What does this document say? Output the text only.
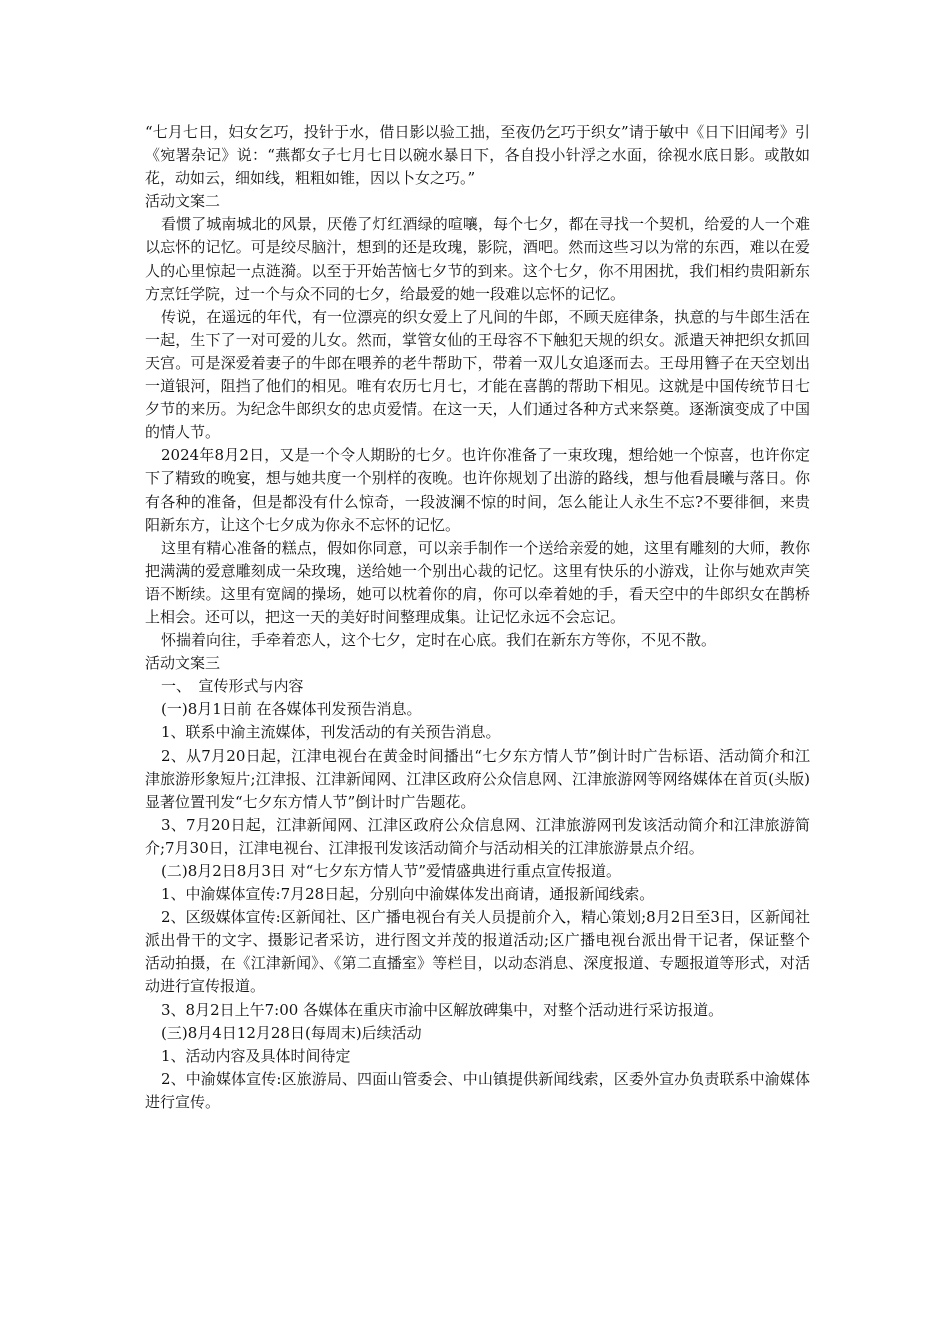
“七月七日，妇女乞巧，投针于水，借日影以验工拙，至夜仍乞巧于织女”请于敏中《日下旧闻考》引《宛署杂记》说：“燕都女子七月七日以碗水暴日下，各自投小针浮之水面，徐视水底日影。或散如花，动如云，细如线，粗粗如锥，因以卜女之巧。”

活动文案二

看惯了城南城北的风景，厌倦了灯红酒绿的喧嚷，每个七夕，都在寻找一个契机，给爱的人一个难以忘怀的记忆。可是绞尽脑汁，想到的还是玫瑰，影院，酒吧。然而这些习以为常的东西，难以在爱人的心里惊起一点涟漪。以至于开始苦恼七夕节的到来。这个七夕，你不用困扰，我们相约贵阳新东方烹饪学院，过一个与众不同的七夕，给最爱的她一段难以忘怀的记忆。

传说，在遥远的年代，有一位漂亮的织女爱上了凡间的牛郎，不顾天庭律条，执意的与牛郎生活在一起，生下了一对可爱的儿女。然而，掌管女仙的王母容不下触犯天规的织女。派遣天神把织女抓回天宫。可是深爱着妻子的牛郎在喂养的老牛帮助下，带着一双儿女追逐而去。王母用簪子在天空划出一道银河，阻挡了他们的相见。唯有农历七月七，才能在喜鹊的帮助下相见。这就是中国传统节日七夕节的来历。为纪念牛郎织女的忠贞爱情。在这一天，人们通过各种方式来祭奠。逐渐演变成了中国的情人节。

2024年8月2日，又是一个令人期盼的七夕。也许你准备了一束玫瑰，想给她一个惊喜，也许你定下了精致的晚宴，想与她共度一个别样的夜晚。也许你规划了出游的路线，想与他看晨曦与落日。你有各种的准备，但是都没有什么惊奇，一段波澜不惊的时间，怎么能让人永生不忘?不要徘徊，来贵阳新东方，让这个七夕成为你永不忘怀的记忆。

这里有精心准备的糕点，假如你同意，可以亲手制作一个送给亲爱的她，这里有雕刻的大师，教你把满满的爱意雕刻成一朵玫瑰，送给她一个别出心裁的记忆。这里有快乐的小游戏，让你与她欢声笑语不断续。这里有宽阔的操场，她可以枕着你的肩，你可以牵着她的手，看天空中的牛郎织女在鹊桥上相会。还可以，把这一天的美好时间整理成集。让记忆永远不会忘记。

怀揣着向往，手牵着恋人，这个七夕，定时在心底。我们在新东方等你，不见不散。

活动文案三

一、　宣传形式与内容

(一)8月1日前 在各媒体刊发预告消息。

1、联系中渝主流媒体，刊发活动的有关预告消息。

2、从7月20日起，江津电视台在黄金时间播出“七夕东方情人节”倒计时广告标语、活动简介和江津旅游形象短片;江津报、江津新闻网、江津区政府公众信息网、江津旅游网等网络媒体在首页(头版)显著位置刊发“七夕东方情人节”倒计时广告题花。

3、7月20日起，江津新闻网、江津区政府公众信息网、江津旅游网刊发该活动简介和江津旅游简介;7月30日，江津电视台、江津报刊发该活动简介与活动相关的江津旅游景点介绍。

(二)8月2日8月3日 对“七夕东方情人节”爱情盛典进行重点宣传报道。

1、中渝媒体宣传:7月28日起，分别向中渝媒体发出商请，通报新闻线索。

2、区级媒体宣传:区新闻社、区广播电视台有关人员提前介入，精心策划;8月2日至3日，区新闻社派出骨干的文字、摄影记者采访，进行图文并茂的报道活动;区广播电视台派出骨干记者，保证整个活动拍摄，在《江津新闻》、《第二直播室》等栏目，以动态消息、深度报道、专题报道等形式，对活动进行宣传报道。

3、8月2日上午7:00 各媒体在重庆市渝中区解放碑集中，对整个活动进行采访报道。

(三)8月4日12月28日(每周末)后续活动

1、活动内容及具体时间待定

2、中渝媒体宣传:区旅游局、四面山管委会、中山镇提供新闻线索，区委外宣办负责联系中渝媒体进行宣传。
